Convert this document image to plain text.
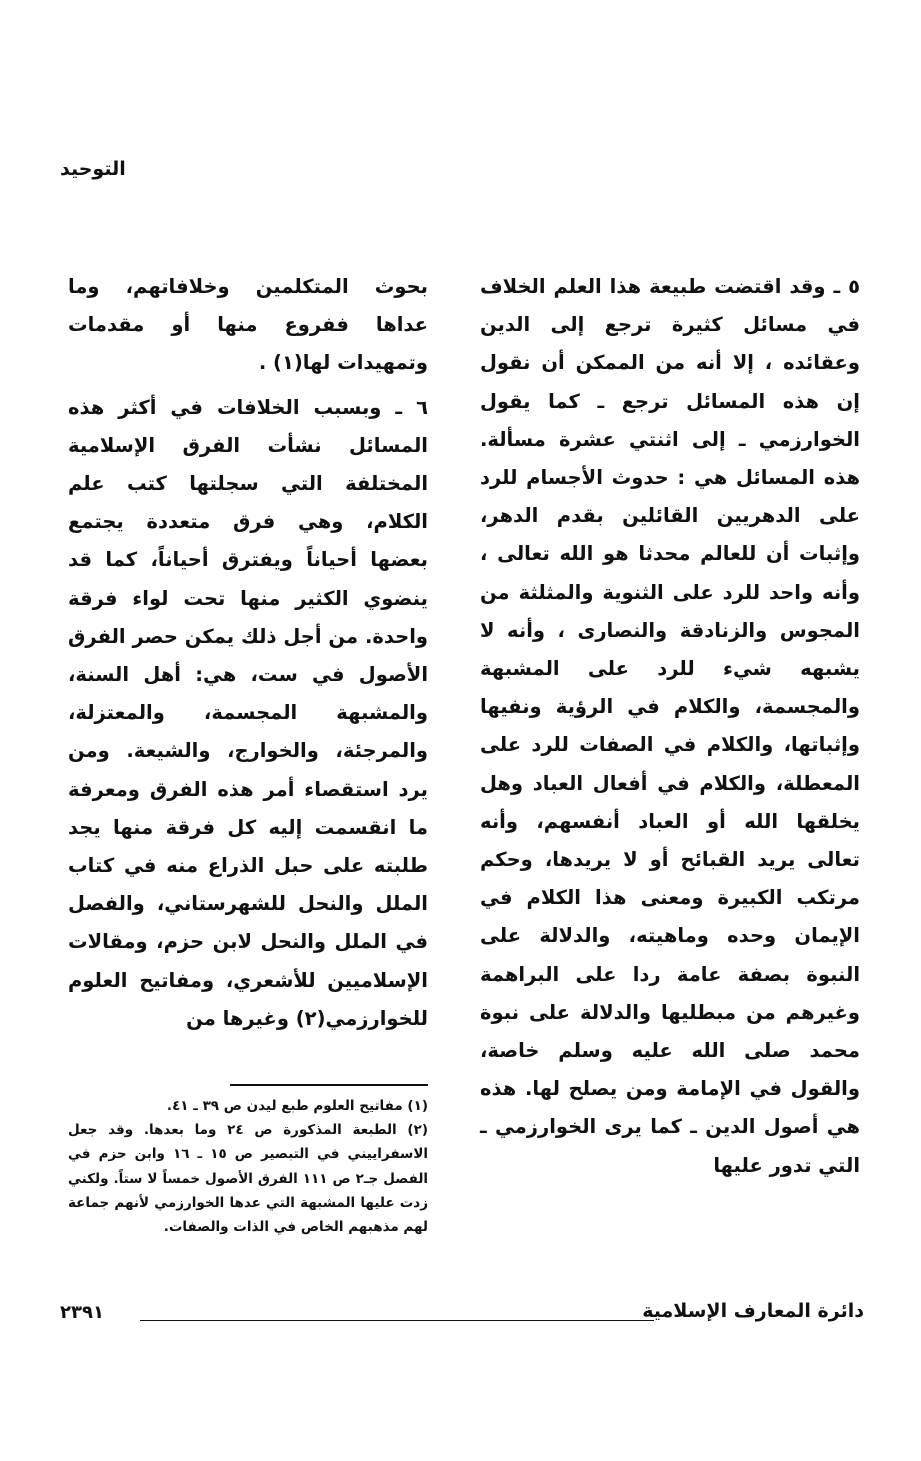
التوحيد

٥ ـ وقد اقتضت طبيعة هذا العلم الخلاف في مسائل كثيرة ترجع إلى الدين وعقائده ، إلا أنه من الممكن أن نقول إن هذه المسائل ترجع ـ كما يقول الخوارزمي ـ إلى اثنتي عشرة مسألة. هذه المسائل هي : حدوث الأجسام للرد على الدهريين القائلين بقدم الدهر، وإثبات أن للعالم محدثا هو الله تعالى ، وأنه واحد للرد على الثنوية والمثلثة من المجوس والزنادقة والنصارى ، وأنه لا يشبهه شيء للرد على المشبهة والمجسمة، والكلام في الرؤية ونفيها وإثباتها، والكلام في الصفات للرد على المعطلة، والكلام في أفعال العباد وهل يخلقها الله أو العباد أنفسهم، وأنه تعالى يريد القبائح أو لا يريدها، وحكم مرتكب الكبيرة ومعنى هذا الكلام في الإيمان وحده وماهيته، والدلالة على النبوة بصفة عامة ردا على البراهمة وغيرهم من مبطليها والدلالة على نبوة محمد صلى الله عليه وسلم خاصة، والقول في الإمامة ومن يصلح لها. هذه هي أصول الدين ـ كما يرى الخوارزمي ـ التي تدور عليها

بحوث المتكلمين وخلافاتهم، وما عداها ففروع منها أو مقدمات وتمهيدات لها(١) .

٦ ـ وبسبب الخلافات في أكثر هذه المسائل نشأت الفرق الإسلامية المختلفة التي سجلتها كتب علم الكلام، وهي فرق متعددة يجتمع بعضها أحياناً ويفترق أحياناً، كما قد ينضوي الكثير منها تحت لواء فرقة واحدة. من أجل ذلك يمكن حصر الفرق الأصول في ست، هي: أهل السنة، والمشبهة المجسمة، والمعتزلة، والمرجئة، والخوارج، والشيعة. ومن يرد استقصاء أمر هذه الفرق ومعرفة ما انقسمت إليه كل فرقة منها يجد طلبته على حبل الذراع منه في كتاب الملل والنحل للشهرستاني، والفصل في الملل والنحل لابن حزم، ومقالات الإسلاميين للأشعري، ومفاتيح العلوم للخوارزمي(٢) وغيرها من

(١) مفاتيح العلوم طبع ليدن ص ٣٩ ـ ٤١.

(٢) الطبعة المذكورة ص ٢٤ وما بعدها. وقد جعل الاسفراييني في التبصير ص ١٥ ـ ١٦ وابن حزم في الفصل جـ٢ ص ١١١ الفرق الأصول خمساً لا ستاً. ولكني زدت عليها المشبهة التي عدها الخوارزمي لأنهم جماعة لهم مذهبهم الخاص في الذات والصفات.

دائرة المعارف الإسلامية
٢٣٩١
